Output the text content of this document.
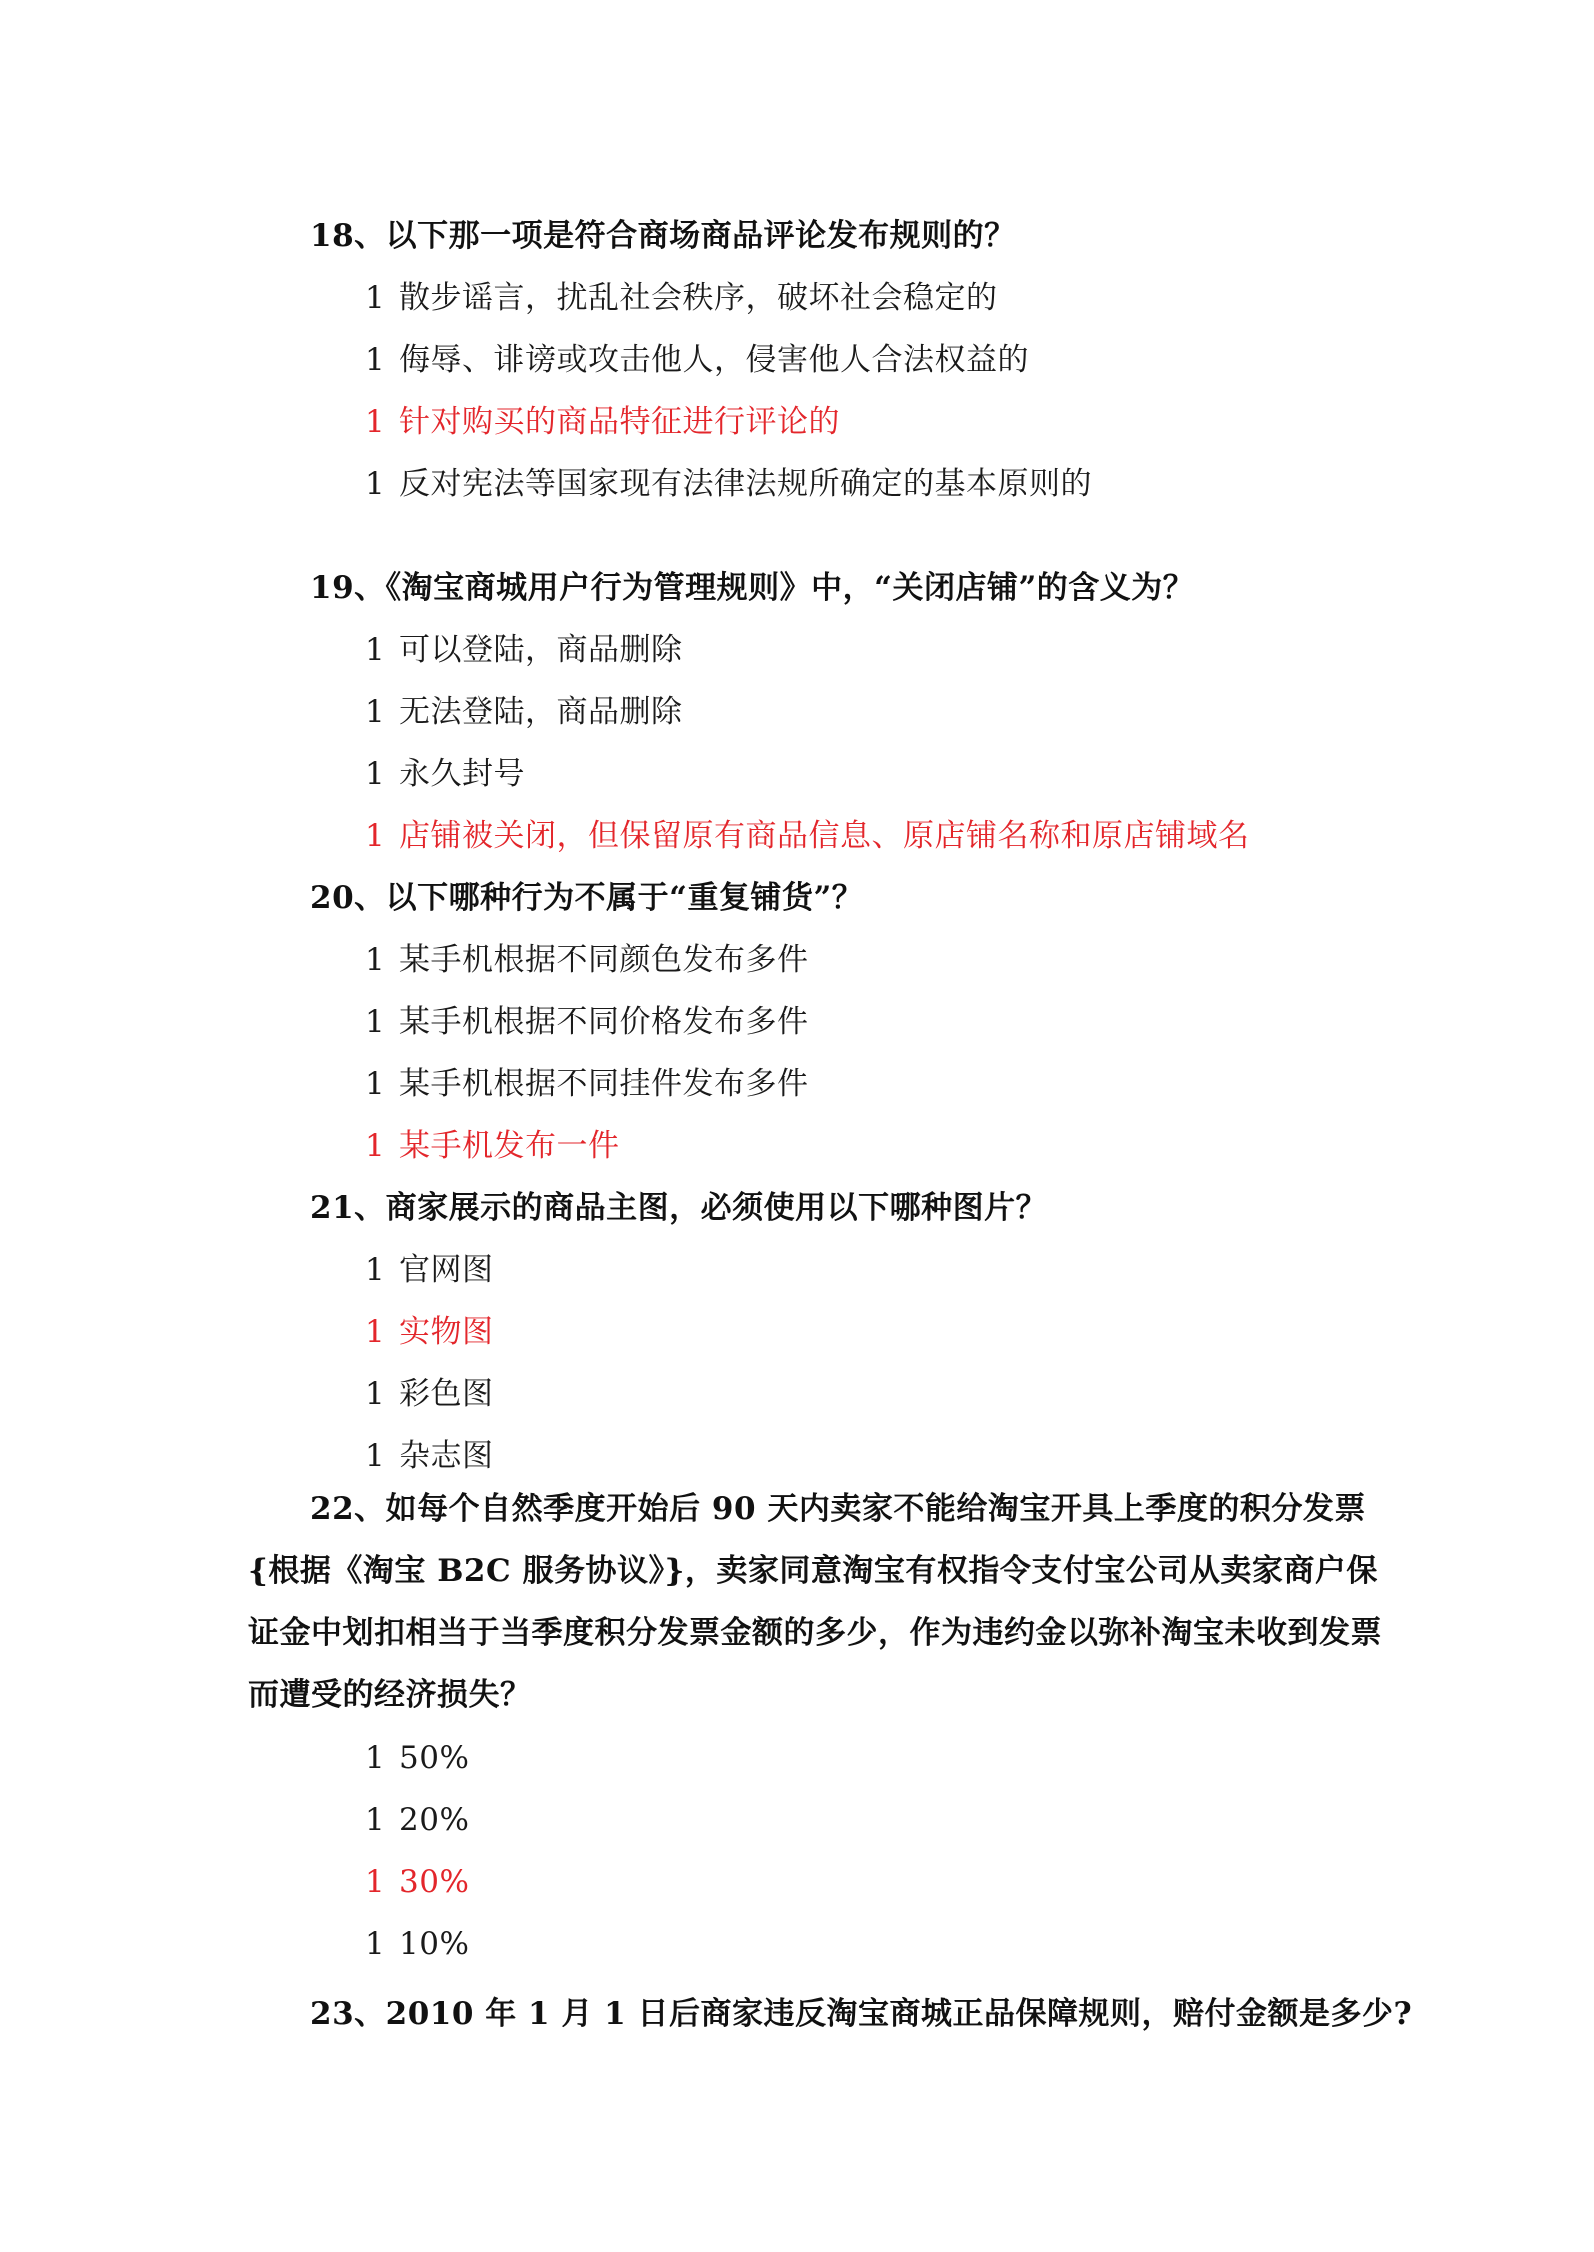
18、以下那一项是符合商场商品评论发布规则的？
1 散步谣言，扰乱社会秩序，破坏社会稳定的
1 侮辱、诽谤或攻击他人，侵害他人合法权益的
1 针对购买的商品特征进行评论的
1 反对宪法等国家现有法律法规所确定的基本原则的
19、《淘宝商城用户行为管理规则》中，“关闭店铺”的含义为？
1 可以登陆，商品删除
1 无法登陆，商品删除
1 永久封号
1 店铺被关闭，但保留原有商品信息、原店铺名称和原店铺域名
20、以下哪种行为不属于“重复铺货”？
1 某手机根据不同颜色发布多件
1 某手机根据不同价格发布多件
1 某手机根据不同挂件发布多件
1 某手机发布一件
21、商家展示的商品主图，必须使用以下哪种图片？
1 官网图
1 实物图
1 彩色图
1 杂志图
22、如每个自然季度开始后 90 天内卖家不能给淘宝开具上季度的积分发票{根据《淘宝 B2C 服务协议》}，卖家同意淘宝有权指令支付宝公司从卖家商户保证金中划扣相当于当季度积分发票金额的多少，作为违约金以弥补淘宝未收到发票而遭受的经济损失？
1 50%
1 20%
1 30%
1 10%
23、2010 年 1 月 1 日后商家违反淘宝商城正品保障规则，赔付金额是多少?
